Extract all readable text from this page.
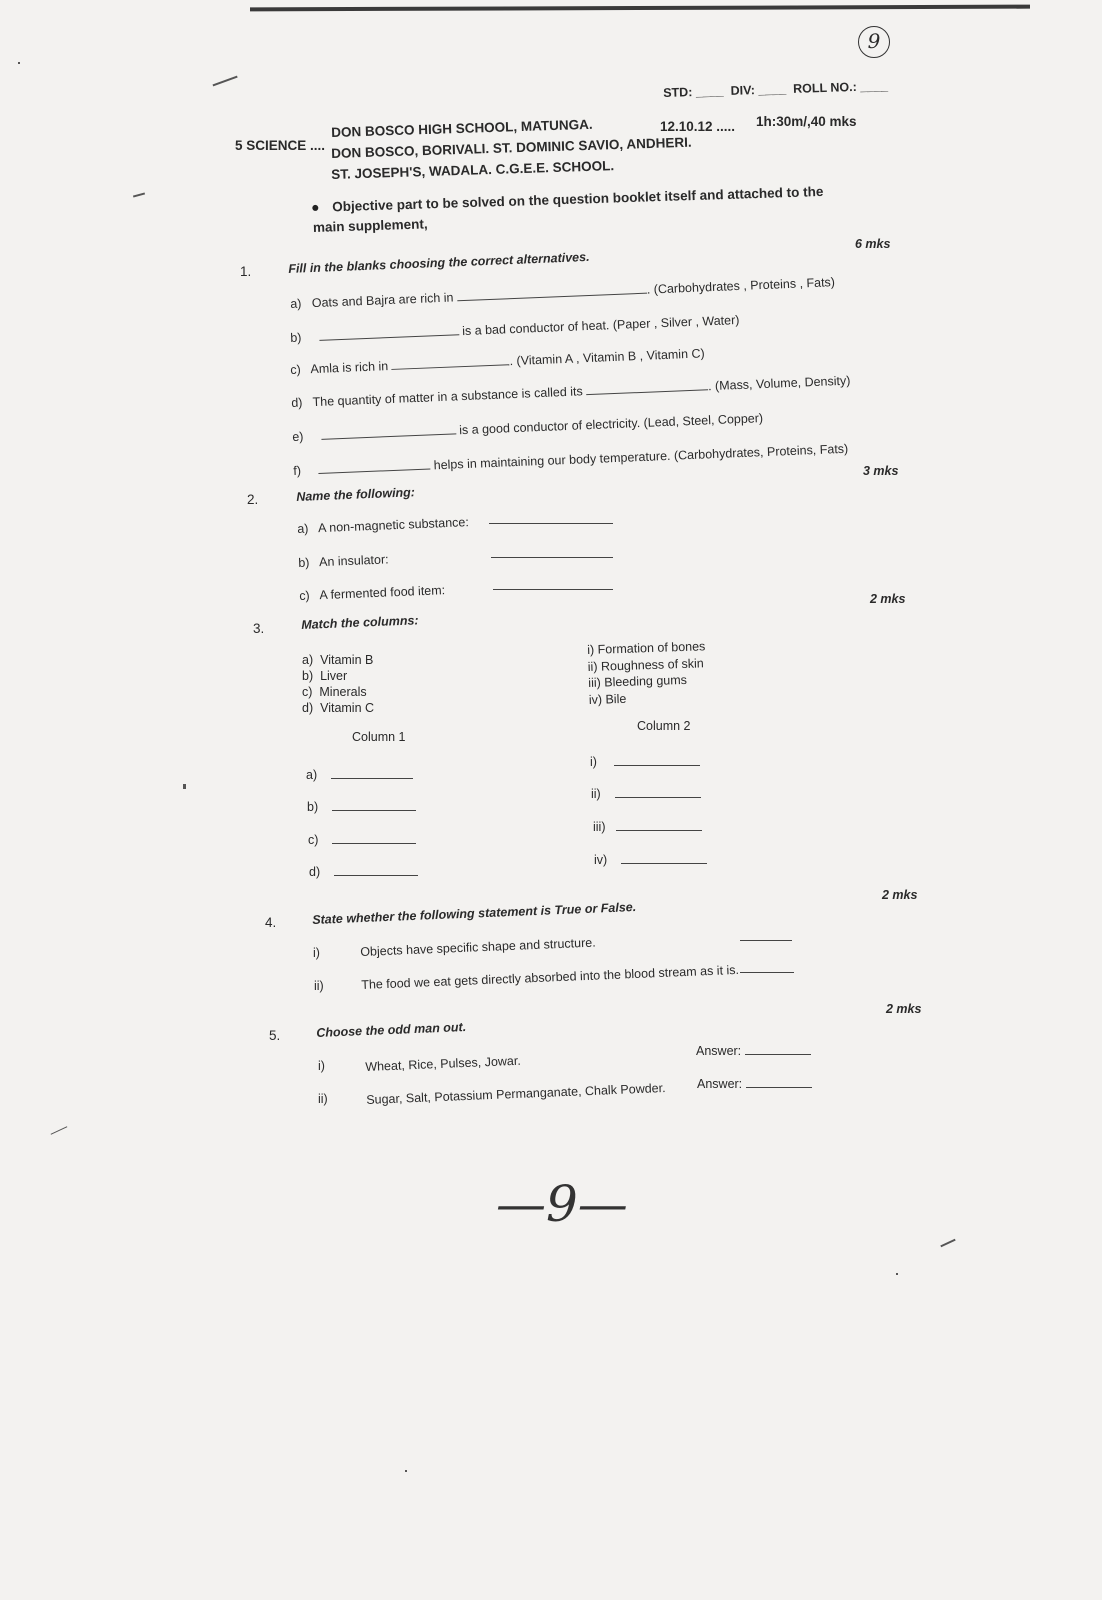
9
STD: ____ DIV: ____ ROLL NO.: ____
5 SCIENCE ....
DON BOSCO HIGH SCHOOL, MATUNGA.
DON BOSCO, BORIVALI. ST. DOMINIC SAVIO, ANDHERI.
ST. JOSEPH'S, WADALA. C.G.E.E. SCHOOL.
12.10.12 ..... 1h:30m/,40 mks
Objective part to be solved on the question booklet itself and attached to the main supplement,
6 mks
1.	Fill in the blanks choosing the correct alternatives.
a) Oats and Bajra are rich in . (Carbohydrates , Proteins , Fats)
b)	is a bad conductor of heat. (Paper , Silver , Water)
c) Amla is rich in	. (Vitamin A , Vitamin B , Vitamin C)
d) The quantity of matter in a substance is called its . (Mass, Volume, Density)
e)	is a good conductor of electricity. (Lead, Steel, Copper)
f)	helps in maintaining our body temperature. (Carbohydrates, Proteins, Fats) 3 mks
2.	Name the following:
a) A non-magnetic substance:
b) An insulator:
c) A fermented food item:	2 mks
3.	Match the columns:
a) Vitamin B
b) Liver
c) Minerals
d) Vitamin C
i) Formation of bones
ii) Roughness of skin
iii) Bleeding gums
iv) Bile
Column 1
Column 2
a)
b)
c)
d)
i)
ii)
iii)
iv)
2 mks
4.	State whether the following statement is True or False.
i)	Objects have specific shape and structure.
ii)	The food we eat gets directly absorbed into the blood stream as it is.
2 mks
5.	Choose the odd man out.
i)	Wheat, Rice, Pulses, Jowar.
Answer:
ii)	Sugar, Salt, Potassium Permanganate, Chalk Powder. Answer:
—9—
